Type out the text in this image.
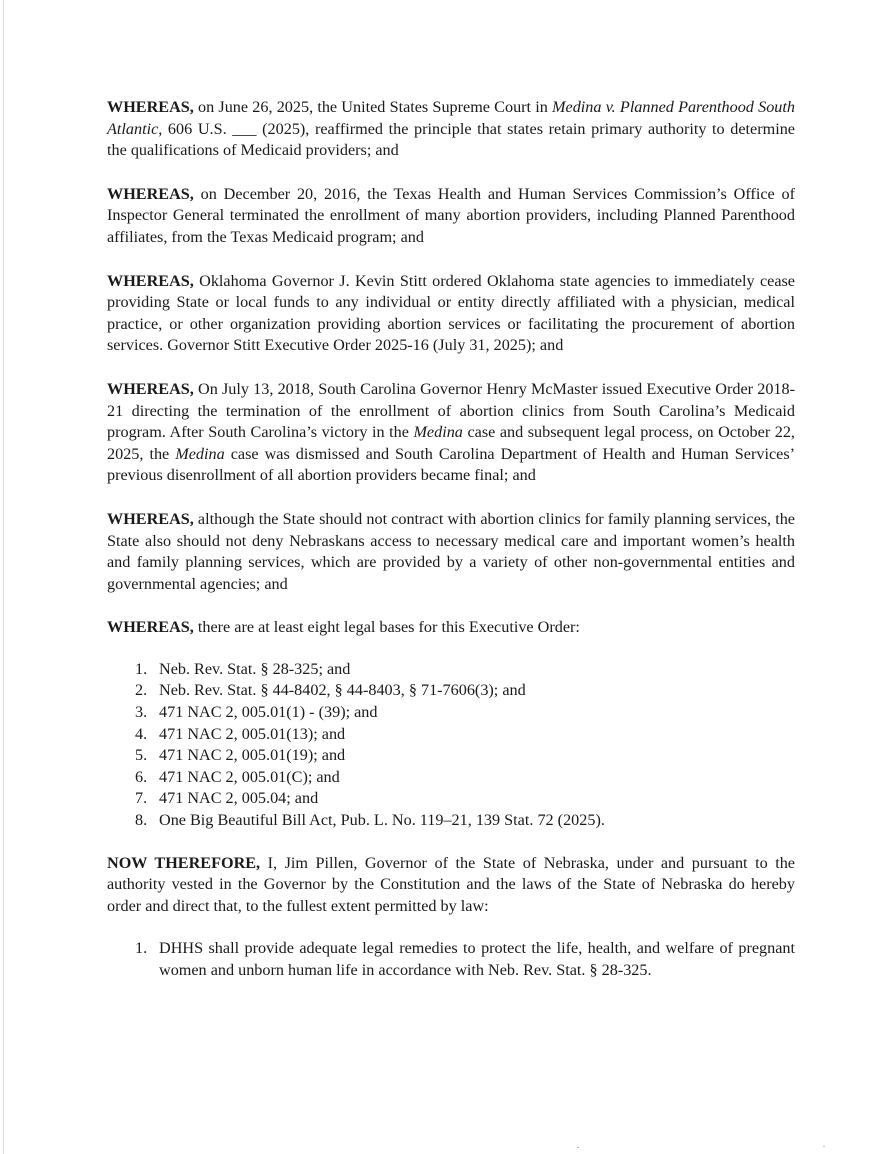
WHEREAS, on June 26, 2025, the United States Supreme Court in Medina v. Planned Parenthood South Atlantic, 606 U.S. ___ (2025), reaffirmed the principle that states retain primary authority to determine the qualifications of Medicaid providers; and

WHEREAS, on December 20, 2016, the Texas Health and Human Services Commission’s Office of Inspector General terminated the enrollment of many abortion providers, including Planned Parenthood affiliates, from the Texas Medicaid program; and

WHEREAS, Oklahoma Governor J. Kevin Stitt ordered Oklahoma state agencies to immediately cease providing State or local funds to any individual or entity directly affiliated with a physician, medical practice, or other organization providing abortion services or facilitating the procurement of abortion services. Governor Stitt Executive Order 2025-16 (July 31, 2025); and

WHEREAS, On July 13, 2018, South Carolina Governor Henry McMaster issued Executive Order 2018-21 directing the termination of the enrollment of abortion clinics from South Carolina’s Medicaid program. After South Carolina’s victory in the Medina case and subsequent legal process, on October 22, 2025, the Medina case was dismissed and South Carolina Department of Health and Human Services’ previous disenrollment of all abortion providers became final; and

WHEREAS, although the State should not contract with abortion clinics for family planning services, the State also should not deny Nebraskans access to necessary medical care and important women’s health and family planning services, which are provided by a variety of other non-governmental entities and governmental agencies; and

WHEREAS, there are at least eight legal bases for this Executive Order:

1. Neb. Rev. Stat. § 28-325; and
2. Neb. Rev. Stat. § 44-8402, § 44-8403, § 71-7606(3); and
3. 471 NAC 2, 005.01(1) - (39); and
4. 471 NAC 2, 005.01(13); and
5. 471 NAC 2, 005.01(19); and
6. 471 NAC 2, 005.01(C); and
7. 471 NAC 2, 005.04; and
8. One Big Beautiful Bill Act, Pub. L. No. 119–21, 139 Stat. 72 (2025).

NOW THEREFORE, I, Jim Pillen, Governor of the State of Nebraska, under and pursuant to the authority vested in the Governor by the Constitution and the laws of the State of Nebraska do hereby order and direct that, to the fullest extent permitted by law:

1. DHHS shall provide adequate legal remedies to protect the life, health, and welfare of pregnant women and unborn human life in accordance with Neb. Rev. Stat. § 28-325.
